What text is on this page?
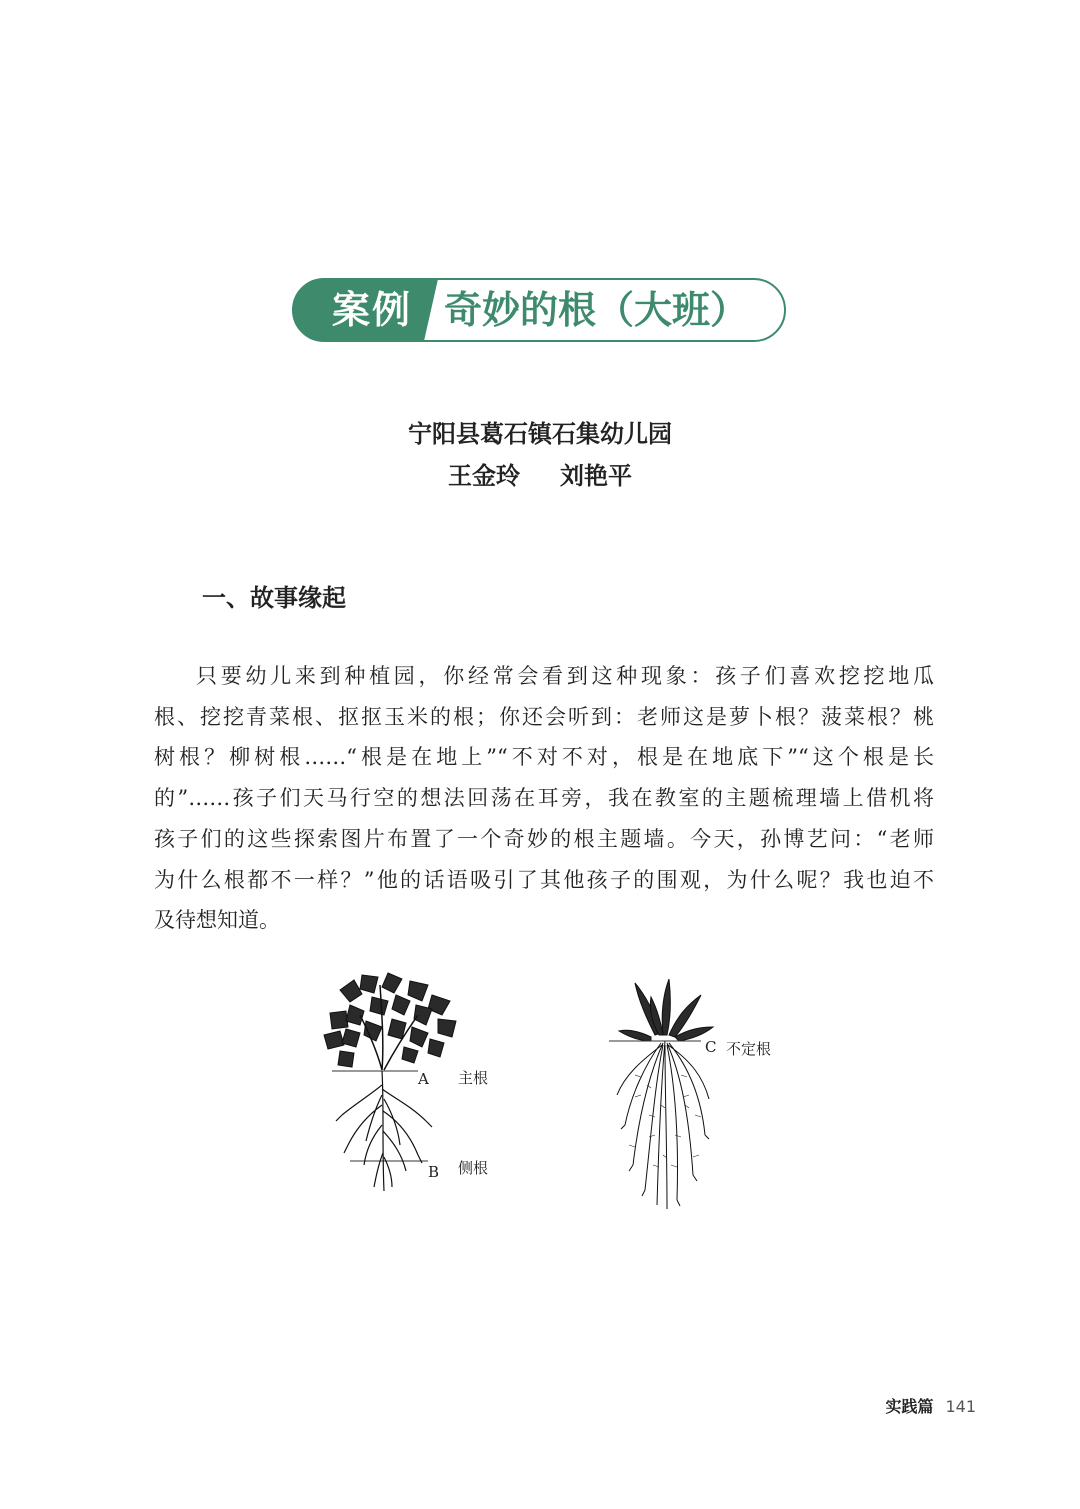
案例 奇妙的根（大班）
宁阳县葛石镇石集幼儿园
王金玲 刘艳平
一、故事缘起
只要幼儿来到种植园，你经常会看到这种现象：孩子们喜欢挖挖地瓜
根、挖挖青菜根、抠抠玉米的根；你还会听到：老师这是萝卜根？菠菜根？桃
树根？柳树根……“根是在地上”“不对不对，根是在地底下”“这个根是长
的”……孩子们天马行空的想法回荡在耳旁，我在教室的主题梳理墙上借机将
孩子们的这些探索图片布置了一个奇妙的根主题墙。今天，孙博艺问：“老师
为什么根都不一样？”他的话语吸引了其他孩子的围观，为什么呢？我也迫不
及待想知道。
A 主根
B 侧根
C 不定根
实践篇 141
